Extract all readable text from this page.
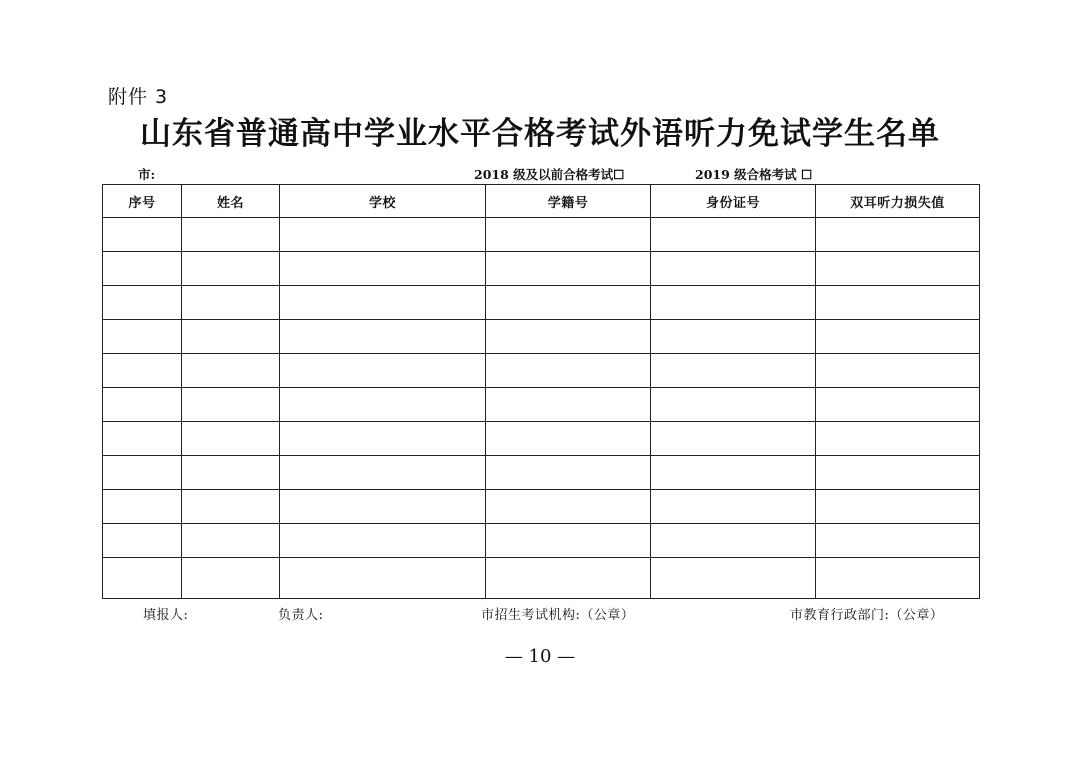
附件 3
山东省普通高中学业水平合格考试外语听力免试学生名单
市:	2018 级及以前合格考试☐	2019 级合格考试 ☐
序号	姓名	学校	学籍号	身份证号	双耳听力损失值

填报人:	负责人:	市招生考试机构:（公章）	市教育行政部门:（公章）
— 10 —
